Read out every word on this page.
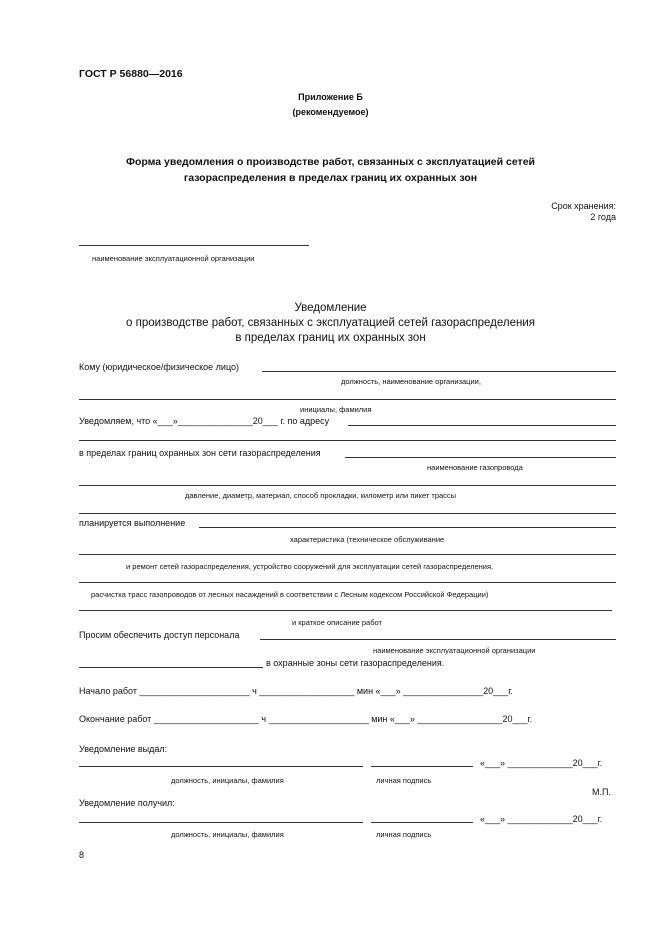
ГОСТ Р 56880—2016
Приложение Б
(рекомендуемое)
Форма уведомления о производстве работ, связанных с эксплуатацией сетей
газораспределения в пределах границ их охранных зон
Срок хранения:
2 года
наименование эксплуатационной организации
Уведомление
о производстве работ, связанных с эксплуатацией сетей газораспределения
в пределах границ их охранных зон
Кому (юридическое/физическое лицо)
должность, наименование организации,
инициалы, фамилия
Уведомляем, что «___»_______________20___ г. по адресу
в пределах границ охранных зон сети газораспределения
наименование газопровода
давление, диаметр, материал, способ прокладки, километр или пикет трассы
планируется выполнение
характеристика (техническое обслуживание
и ремонт сетей газораспределения, устройство сооружений для эксплуатации сетей газораспределения,
расчистка трасс газопроводов от лесных насаждений в соответствии с Лесным кодексом Российской Федерации)
и краткое описание работ
Просим обеспечить доступ персонала
наименование эксплуатационной организации
в охранные зоны сети газораспределения.
Начало работ ______________________ ч ___________________ мин «___» ________________20___г.
Окончание работ _____________________ ч ____________________ мин «___» _________________20___г.
Уведомление выдал:
«___» _____________20___г.
должность, инициалы, фамилия	личная подпись
М.П.
Уведомление получил:
«___» _____________20___г.
должность, инициалы, фамилия	личная подпись
8
